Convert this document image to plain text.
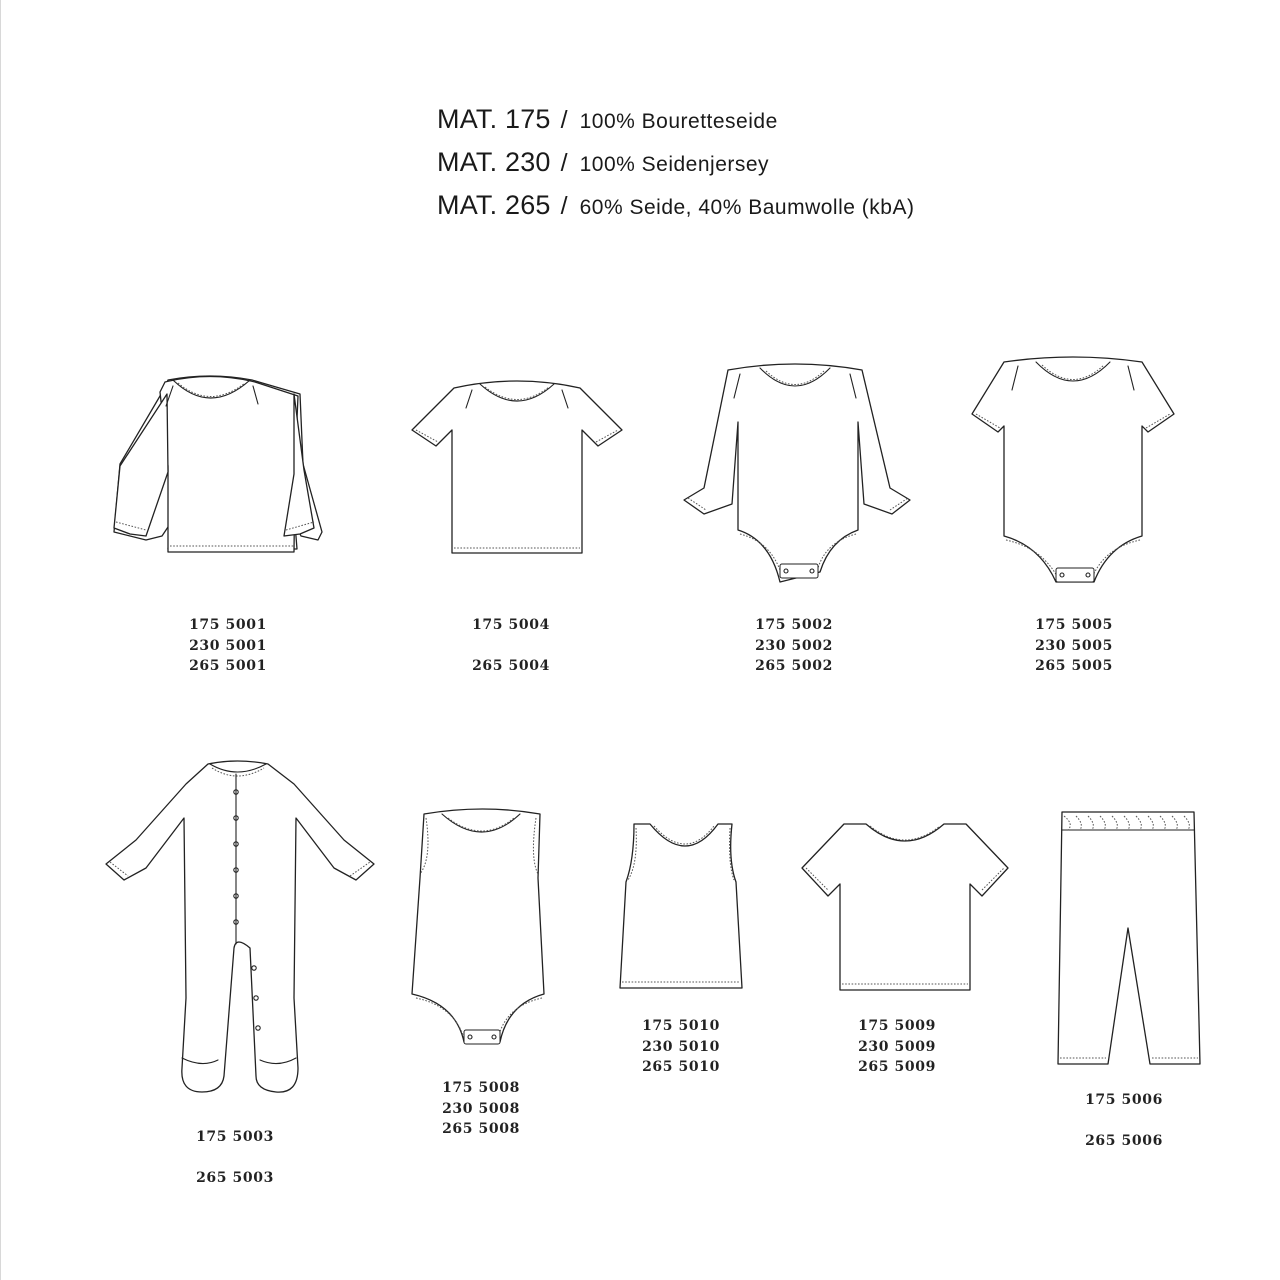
MAT. 175 / 100% Bouretteseide
MAT. 230 / 100% Seidenjersey
MAT. 265 / 60% Seide, 40% Baumwolle (kbA)
175 5001
230 5001
265 5001
175 5004
265 5004
175 5002
230 5002
265 5002
175 5005
230 5005
265 5005
175 5003
265 5003
175 5008
230 5008
265 5008
175 5010
230 5010
265 5010
175 5009
230 5009
265 5009
175 5006
265 5006
